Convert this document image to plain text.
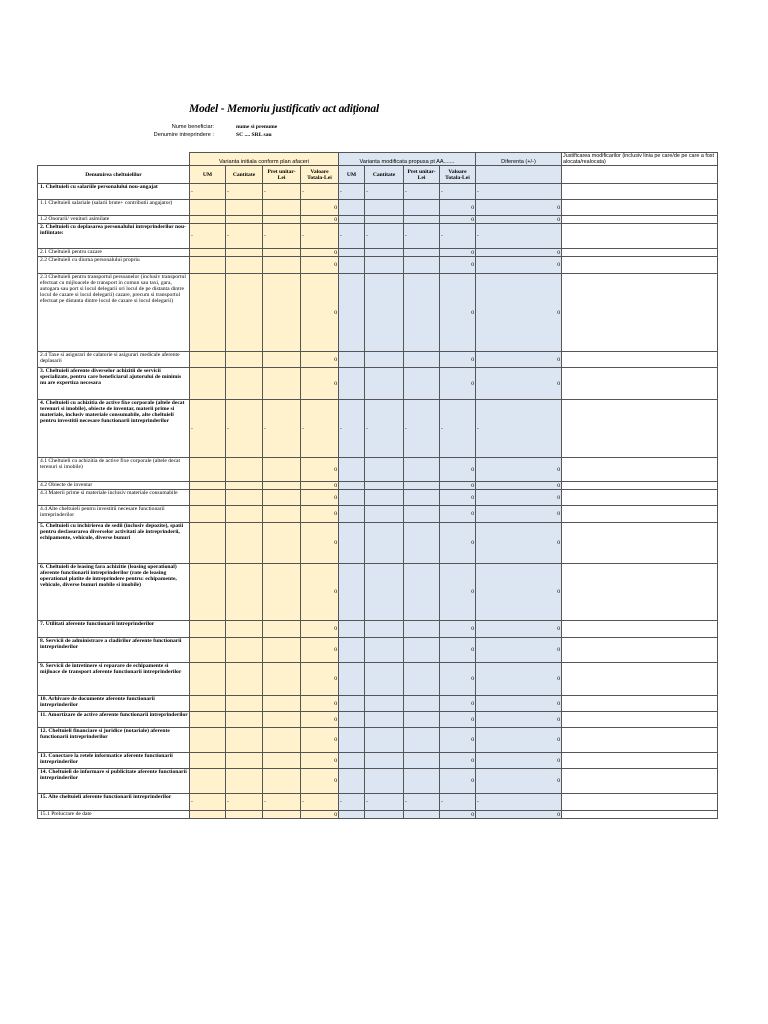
Model - Memoriu justificativ act adițional
Nume beneficiar:	nume si prenume
Denumire intreprindere :	SC .... SRL sau
	Varianta initiala conform plan afaceri				Varianta modificata propusa pt AA.......				Diferenta (+/-)	Justificarea modificarilor (inclusiv linia pe care/de pe care a fost alocata/realocata)
Denumirea cheltuielilor	UM	Cantitate	Pret unitar-Lei	Valoare Totala-Lei	UM	Cantitate	Pret unitar-Lei	Valoare Totala-Lei		
1. Cheltuieli cu salariile personalului nou-angajat	-	-	-	-	-	-	-	-	-	
1.1 Cheltuieli salariale (salarii brute+ contributii angajator)				0				0	0	
1.2 Onorarii/ venituri asimilate				0				0	0	
2. Cheltuieli cu deplasarea personalului intreprinderilor nou-infiintate:	-	-	-	-	-	-	-	-	-	
2.1 Cheltuieli pentru cazare				0				0	0	
2.2 Cheltuieli cu diurna personalului propriu				0				0	0	
2.3 Cheltuieli pentru transportul persoanelor (inclusiv transportul efectuat cu mijloacele de transport in comun sau taxi, gara, autogara sau port si locul delegarii ori locul de pe distanta dintre locul de cazare si locul delegarii) cazare, precum si transportul efectuat pe distanta dintre locul de cazare si locul delegarii)				0				0	0	
2.4 Taxe si asigurari de calatorie si asigurari medicale aferente deplasarii				0				0	0	
3. Cheltuieli aferente diverselor achizitii de servicii specializate, pentru care beneficiarul ajutorului de minimis nu are expertiza necesara				0				0	0	
4. Cheltuieli cu achizitia de active fixe corporale (altele decat terenuri si imobile), obiecte de inventar, materii prime si materiale, inclusiv materiale consumabile, alte cheltuieli pentru investitii necesare functionarii intreprinderilor	-	-	-	-	-	-	-	-	-	
4.1 Cheltuieli cu achizitia de active fixe corporale (altele decat terenuri si imobile)				0				0	0	
4.2 Obiecte de inventar				0				0	0	
4.3 Materii prime si materiale inclusiv materiale consumabile				0				0	0	
4.4 Alte cheltuieli pentru investitii necesare functionarii intreprinderilor				0				0	0	
5. Cheltuieli cu inchirierea de sedii (inclusiv depozite), spatii pentru desfasurarea diverselor activitati ale intreprinderii, echipamente, vehicule, diverse bunuri				0				0	0	
6. Cheltuieli de leasing fara achizitie (leasing operational) aferente functionarii intreprinderilor (rate de leasing operational platite de intreprindere pentru: echipamente, vehicule, diverse bunuri mobile si imobile)				0				0	0	
7. Utilitati aferente functionarii intreprinderilor				0				0	0	
8. Servicii de administrare a cladirilor aferente functionarii intreprinderilor				0				0	0	
9. Servicii de intretinere si reparare de echipamente si mijloace de transport aferente functionarii intreprinderilor				0				0	0	
10. Arhivare de documente aferente functionarii intreprinderilor				0				0	0	
11. Amortizare de active aferente functionarii intreprinderilor				0				0	0	
12. Cheltuieli financiare si juridice (notariale) aferente functionarii intreprinderilor				0				0	0	
13. Conectare la retele informatice aferente functionarii intreprinderilor				0				0	0	
14. Cheltuieli de informare si publicitate aferente functionarii intreprinderilor				0				0	0	
15. Alte cheltuieli aferente functionarii intreprinderilor	-	-	-	-	-	-	-	-	-	
15.1 Prelucrare de date				0				0	0	
